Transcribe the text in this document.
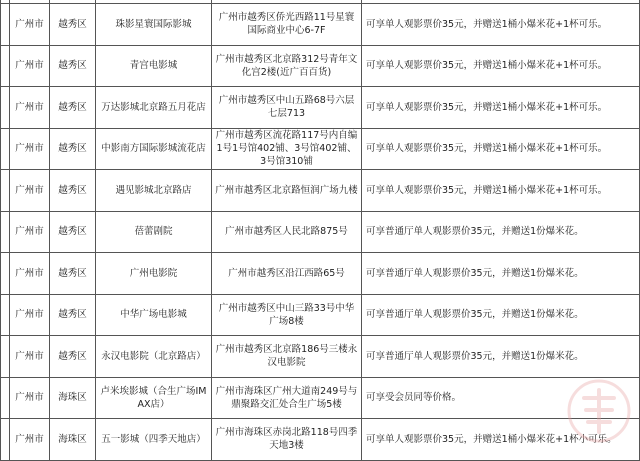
	广州市	越秀区	珠影星寰国际影城	广州市越秀区侨光西路11号星寰国际商业中心6-7F	可享单人观影票价35元，并赠送1桶小爆米花+1杯可乐。
	广州市	越秀区	青宫电影城	广州市越秀区北京路312号青年文化宫2楼(近广百百货)	可享单人观影票价35元，并赠送1桶小爆米花+1杯可乐。
	广州市	越秀区	万达影城北京路五月花店	广州市越秀区中山五路68号六层七层713	可享单人观影票价35元，并赠送1桶小爆米花+1杯可乐。
	广州市	越秀区	中影南方国际影城流花店	广州市越秀区流花路117号内自编1号1号馆402铺、3号馆402铺、3号馆310铺	可享单人观影票价35元，并赠送1桶小爆米花+1杯可乐。
	广州市	越秀区	遇见影城北京路店	广州市越秀区北京路恒润广场九楼	可享单人观影票价35元，并赠送1桶小爆米花+1杯可乐。
	广州市	越秀区	蓓蕾剧院	广州市越秀区人民北路875号	可享普通厅单人观影票价35元，并赠送1份爆米花。
	广州市	越秀区	广州电影院	广州市越秀区沿江西路65号	可享普通厅单人观影票价35元，并赠送1份爆米花。
	广州市	越秀区	中华广场电影城	广州市越秀区中山三路33号中华广场8楼	可享普通厅单人观影票价35元，并赠送1份爆米花。
	广州市	越秀区	永汉电影院（北京路店）	广州市越秀区北京路186号三楼永汉电影院	可享普通厅单人观影票价35元，并赠送1份爆米花。
	广州市	海珠区	卢米埃影城（合生广场IMAX店）	广州市海珠区广州大道南249号与鼎聚路交汇处合生广场5楼	可享受会员同等价格。
	广州市	海珠区	五一影城（四季天地店）	广州市海珠区赤岗北路118号四季天地3楼	可享单人观影票价35元，并赠送1桶小爆米花+1杯小可乐。
